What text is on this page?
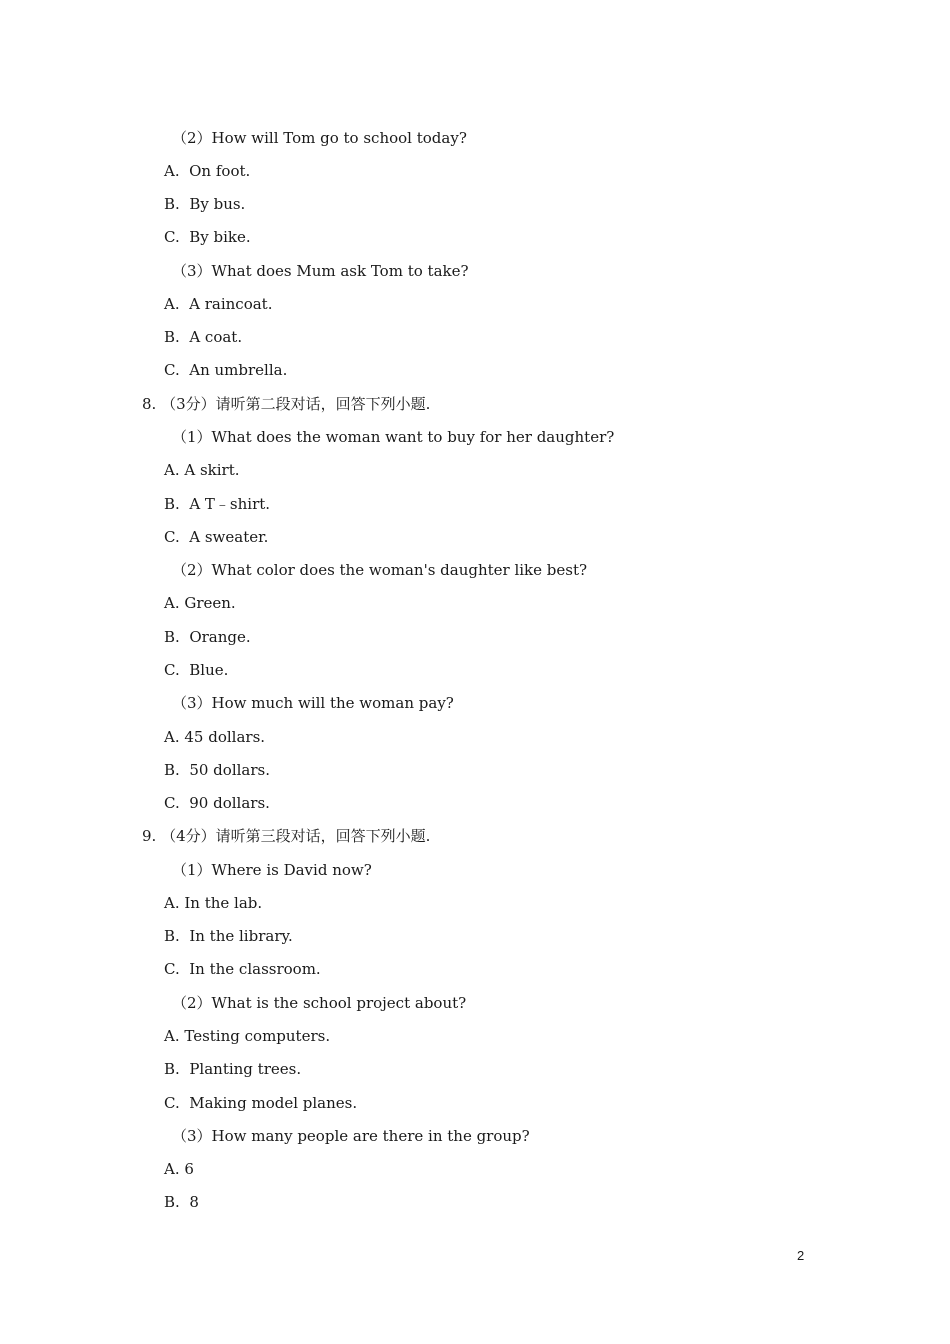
（2）How will Tom go to school today?
A.  On foot.
B.  By bus.
C.  By bike.
（3）What does Mum ask Tom to take?
A.  A raincoat.
B.  A coat.
C.  An umbrella.
8. （3分）请听第二段对话，回答下列小题.
（1）What does the woman want to buy for her daughter?
A. A skirt.
B.  A T﹣shirt.
C.  A sweater.
（2）What color does the woman's daughter like best?
A. Green.
B.  Orange.
C.  Blue.
（3）How much will the woman pay?
A. 45 dollars.
B.  50 dollars.
C.  90 dollars.
9. （4分）请听第三段对话，回答下列小题.
（1）Where is David now?
A. In the lab.
B.  In the library.
C.  In the classroom.
（2）What is the school project about?
A. Testing computers.
B.  Planting trees.
C.  Making model planes.
（3）How many people are there in the group?
A. 6
B.  8
2
